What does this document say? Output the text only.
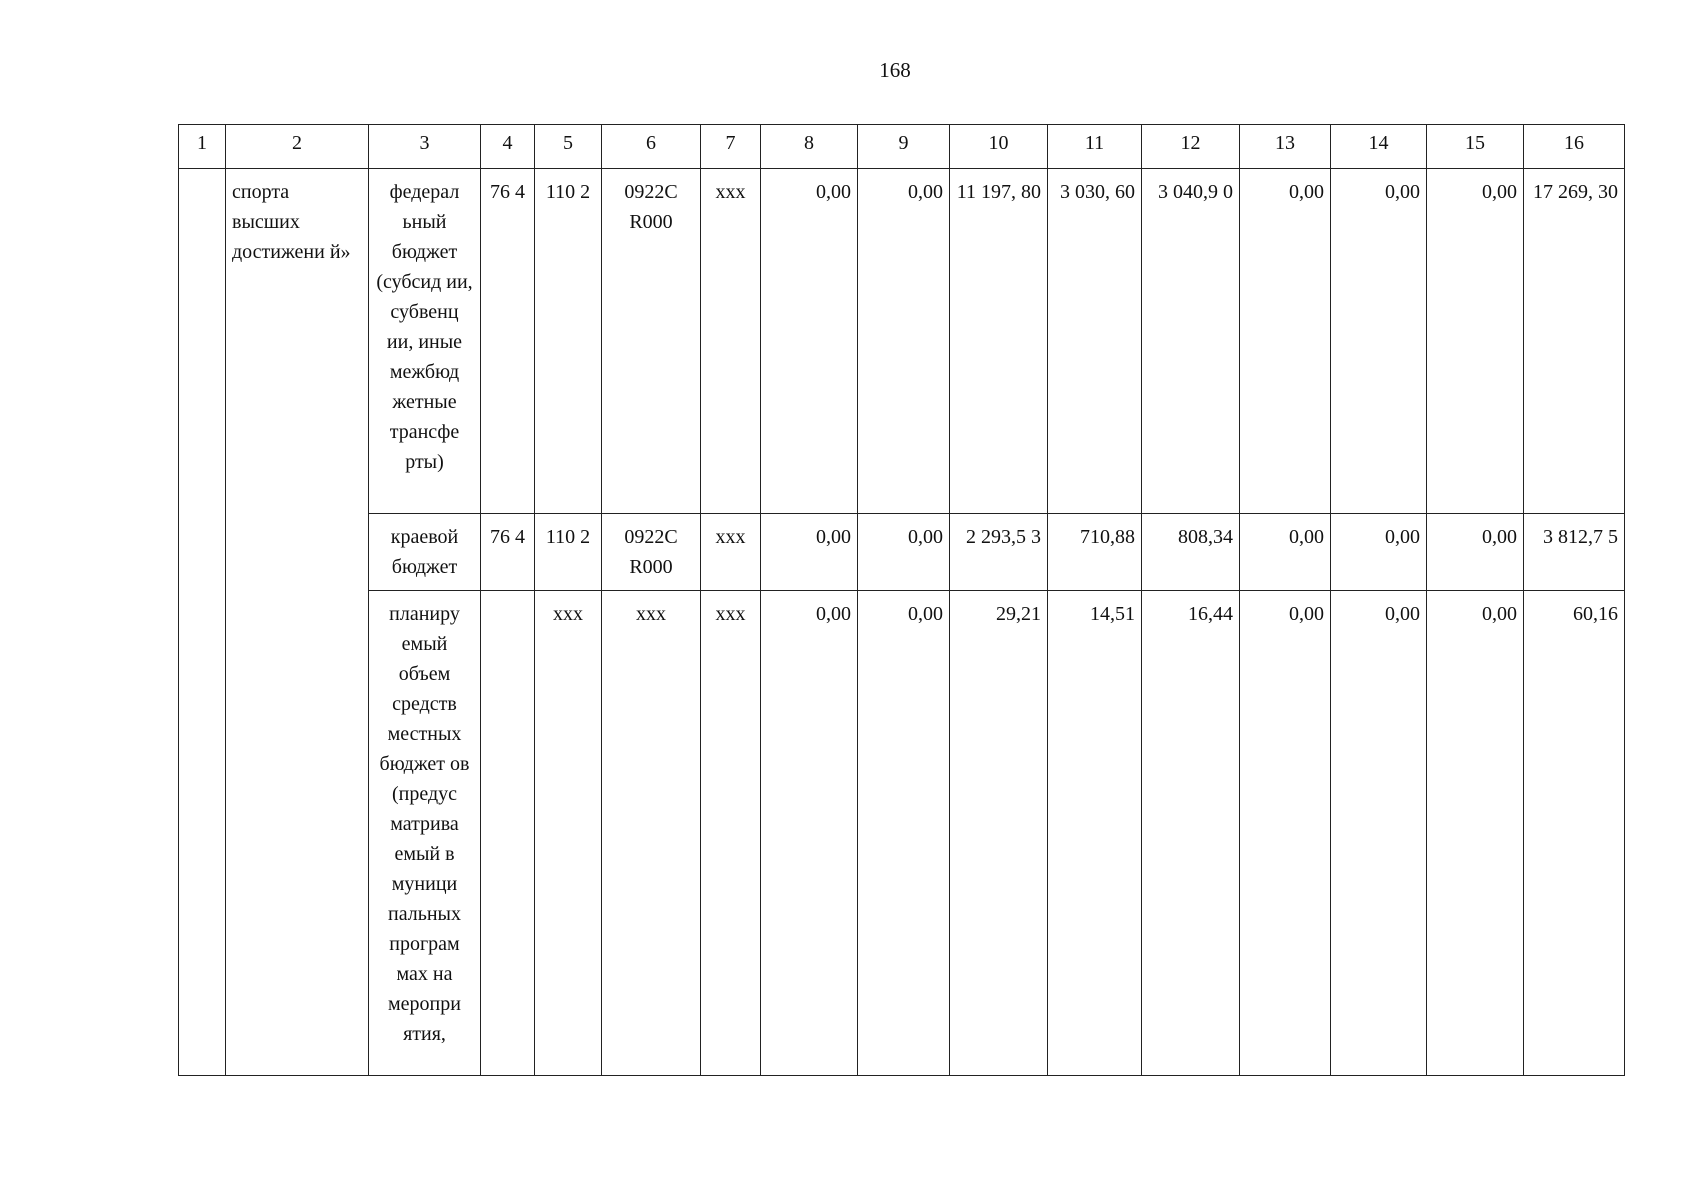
168
1	2	3	4	5	6	7	8	9	10	11	12	13	14	15	16
	спорта высших достижени й»	федерал ьный бюджет (субсид ии, субвенц ии, иные межбюд жетные трансфе рты)	76 4	110 2	0922C R000	xxx	0,00	0,00	11 197, 80	3 030, 60	3 040,9 0	0,00	0,00	0,00	17 269, 30
		краевой бюджет	76 4	110 2	0922C R000	xxx	0,00	0,00	2 293,5 3	710,88	808,34	0,00	0,00	0,00	3 812,7 5
		планиру емый объем средств местных бюджет ов (предус матрива емый в муници пальных програм мах на меропри ятия,		xxx	xxx	xxx	0,00	0,00	29,21	14,51	16,44	0,00	0,00	0,00	60,16
